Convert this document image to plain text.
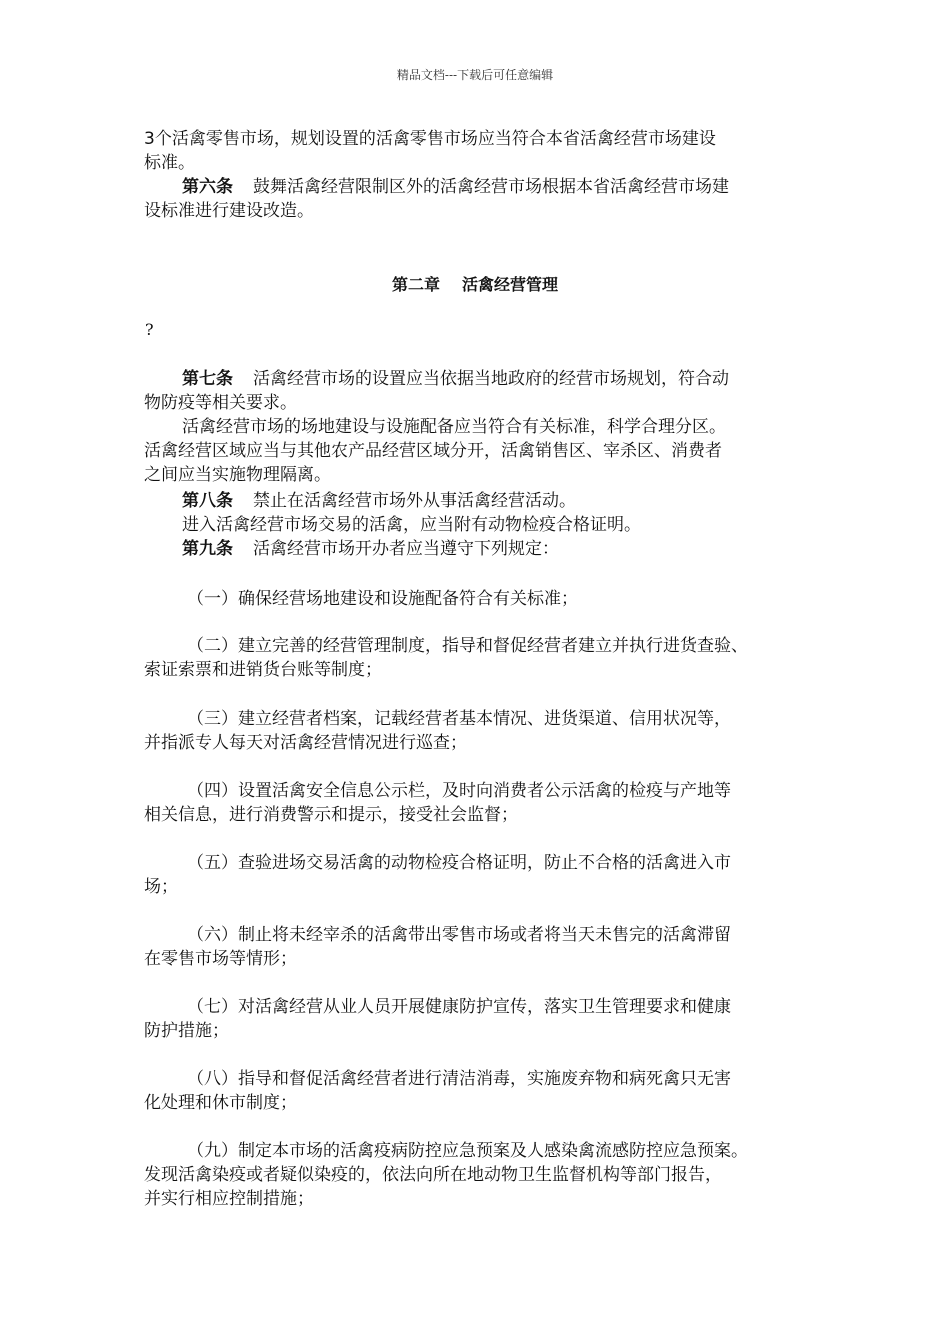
精品文档---下载后可任意编辑
3个活禽零售市场，规划设置的活禽零售市场应当符合本省活禽经营市场建设
标准。
第六条 鼓舞活禽经营限制区外的活禽经营市场根据本省活禽经营市场建
设标准进行建设改造。
第二章 活禽经营管理
?
第七条 活禽经营市场的设置应当依据当地政府的经营市场规划，符合动
物防疫等相关要求。
活禽经营市场的场地建设与设施配备应当符合有关标准，科学合理分区。
活禽经营区域应当与其他农产品经营区域分开，活禽销售区、宰杀区、消费者
之间应当实施物理隔离。
第八条 禁止在活禽经营市场外从事活禽经营活动。
进入活禽经营市场交易的活禽，应当附有动物检疫合格证明。
第九条 活禽经营市场开办者应当遵守下列规定：
（一）确保经营场地建设和设施配备符合有关标准；
（二）建立完善的经营管理制度，指导和督促经营者建立并执行进货查验、
索证索票和进销货台账等制度；
（三）建立经营者档案，记载经营者基本情况、进货渠道、信用状况等，
并指派专人每天对活禽经营情况进行巡查；
（四）设置活禽安全信息公示栏，及时向消费者公示活禽的检疫与产地等
相关信息，进行消费警示和提示，接受社会监督；
（五）查验进场交易活禽的动物检疫合格证明，防止不合格的活禽进入市
场；
（六）制止将未经宰杀的活禽带出零售市场或者将当天未售完的活禽滞留
在零售市场等情形；
（七）对活禽经营从业人员开展健康防护宣传，落实卫生管理要求和健康
防护措施；
（八）指导和督促活禽经营者进行清洁消毒，实施废弃物和病死禽只无害
化处理和休市制度；
（九）制定本市场的活禽疫病防控应急预案及人感染禽流感防控应急预案。
发现活禽染疫或者疑似染疫的，依法向所在地动物卫生监督机构等部门报告，
并实行相应控制措施；
